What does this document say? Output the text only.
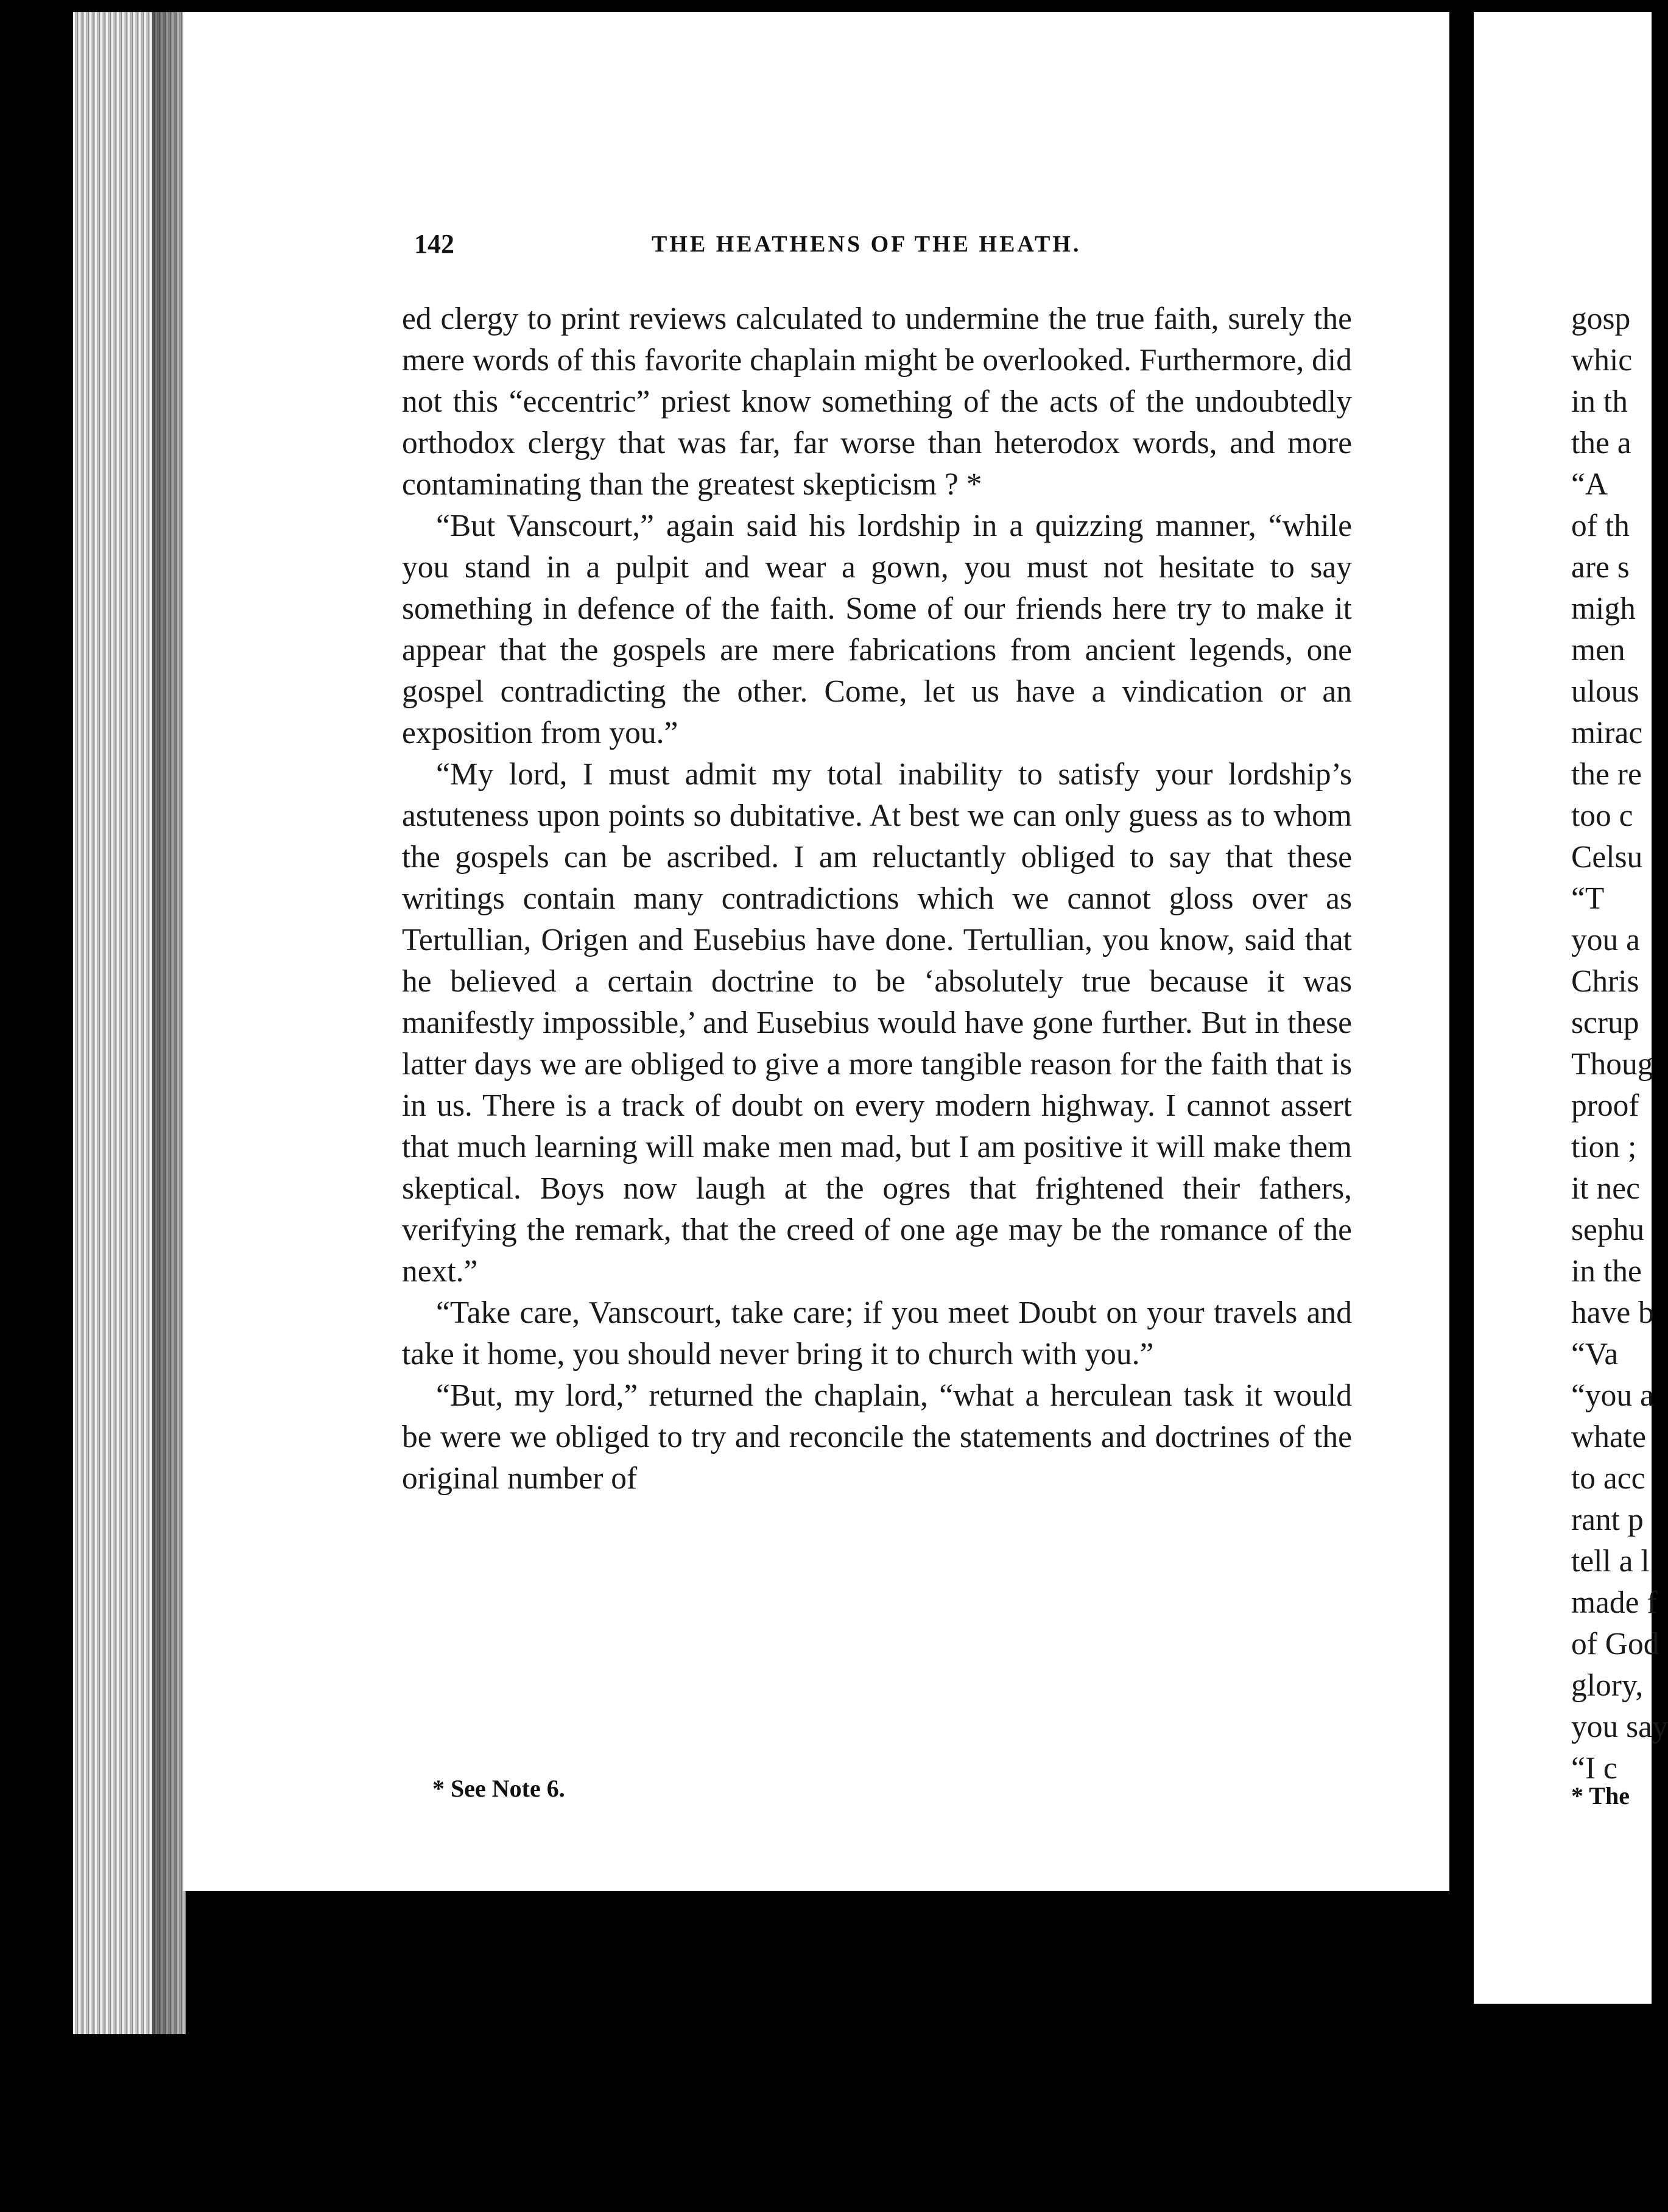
gosp
whic
in th
the a
“A
of th
are s
migh
men
ulous
mirac
the re
too c
Celsu
“T
you a
Chris
scrup
Thoug
proof
tion ;
it nec
sephu
in the
have b
“Va
“you a
whate
to acc
rant p
tell a l
made f
of God
glory,
you say
“I c
* The
142	THE HEATHENS OF THE HEATH.

ed clergy to print reviews calculated to undermine the true faith, surely the mere words of this favorite chaplain might be overlooked. Furthermore, did not this “eccentric” priest know something of the acts of the undoubtedly orthodox clergy that was far, far worse than heterodox words, and more contaminating than the greatest skepticism ? *

“But Vanscourt,” again said his lordship in a quizzing manner, “while you stand in a pulpit and wear a gown, you must not hesitate to say something in defence of the faith. Some of our friends here try to make it appear that the gospels are mere fabrications from ancient legends, one gospel contradicting the other. Come, let us have a vindication or an exposition from you.”

“My lord, I must admit my total inability to satisfy your lordship’s astuteness upon points so dubitative. At best we can only guess as to whom the gospels can be ascribed. I am reluctantly obliged to say that these writings contain many contradictions which we cannot gloss over as Tertullian, Origen and Eusebius have done. Tertullian, you know, said that he believed a certain doctrine to be ‘absolutely true because it was manifestly impossible,’ and Eusebius would have gone further. But in these latter days we are obliged to give a more tangible reason for the faith that is in us. There is a track of doubt on every modern highway. I cannot assert that much learning will make men mad, but I am positive it will make them skeptical. Boys now laugh at the ogres that frightened their fathers, verifying the remark, that the creed of one age may be the romance of the next.”

“Take care, Vanscourt, take care; if you meet Doubt on your travels and take it home, you should never bring it to church with you.”

“But, my lord,” returned the chaplain, “what a herculean task it would be were we obliged to try and reconcile the statements and doctrines of the original number of

* See Note 6.
